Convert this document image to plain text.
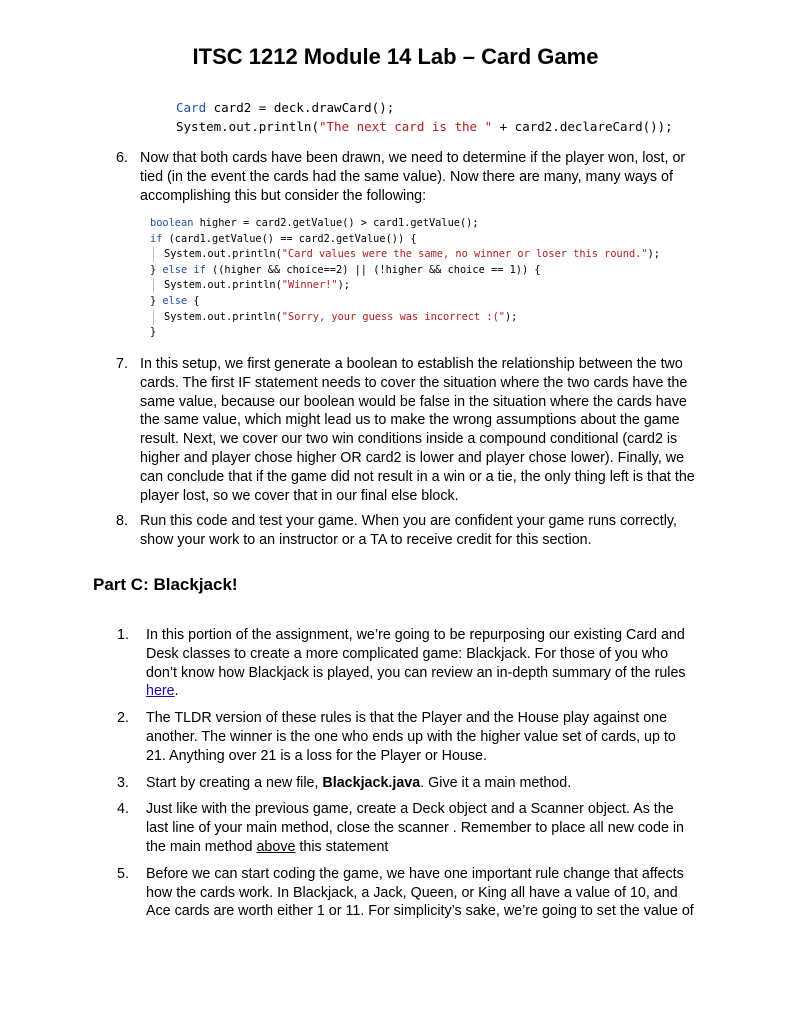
ITSC 1212 Module 14 Lab – Card Game
Card card2 = deck.drawCard();
System.out.println("The next card is the " + card2.declareCard());
6. Now that both cards have been drawn, we need to determine if the player won, lost, or tied (in the event the cards had the same value). Now there are many, many ways of accomplishing this but consider the following:
boolean higher = card2.getValue() > card1.getValue();
if (card1.getValue() == card2.getValue()) {
System.out.println("Card values were the same, no winner or loser this round.");
} else if ((higher && choice==2) || (!higher && choice == 1)) {
System.out.println("Winner!");
} else {
System.out.println("Sorry, your guess was incorrect :(");
}
7. In this setup, we first generate a boolean to establish the relationship between the two cards. The first IF statement needs to cover the situation where the two cards have the same value, because our boolean would be false in the situation where the cards have the same value, which might lead us to make the wrong assumptions about the game result. Next, we cover our two win conditions inside a compound conditional (card2 is higher and player chose higher OR card2 is lower and player chose lower). Finally, we can conclude that if the game did not result in a win or a tie, the only thing left is that the player lost, so we cover that in our final else block.
8. Run this code and test your game. When you are confident your game runs correctly, show your work to an instructor or a TA to receive credit for this section.
Part C: Blackjack!
1. In this portion of the assignment, we’re going to be repurposing our existing Card and Desk classes to create a more complicated game: Blackjack. For those of you who don’t know how Blackjack is played, you can review an in-depth summary of the rules here.
2. The TLDR version of these rules is that the Player and the House play against one another. The winner is the one who ends up with the higher value set of cards, up to 21. Anything over 21 is a loss for the Player or House.
3. Start by creating a new file, Blackjack.java. Give it a main method.
4. Just like with the previous game, create a Deck object and a Scanner object. As the last line of your main method, close the scanner . Remember to place all new code in the main method above this statement
5. Before we can start coding the game, we have one important rule change that affects how the cards work. In Blackjack, a Jack, Queen, or King all have a value of 10, and Ace cards are worth either 1 or 11. For simplicity’s sake, we’re going to set the value of
